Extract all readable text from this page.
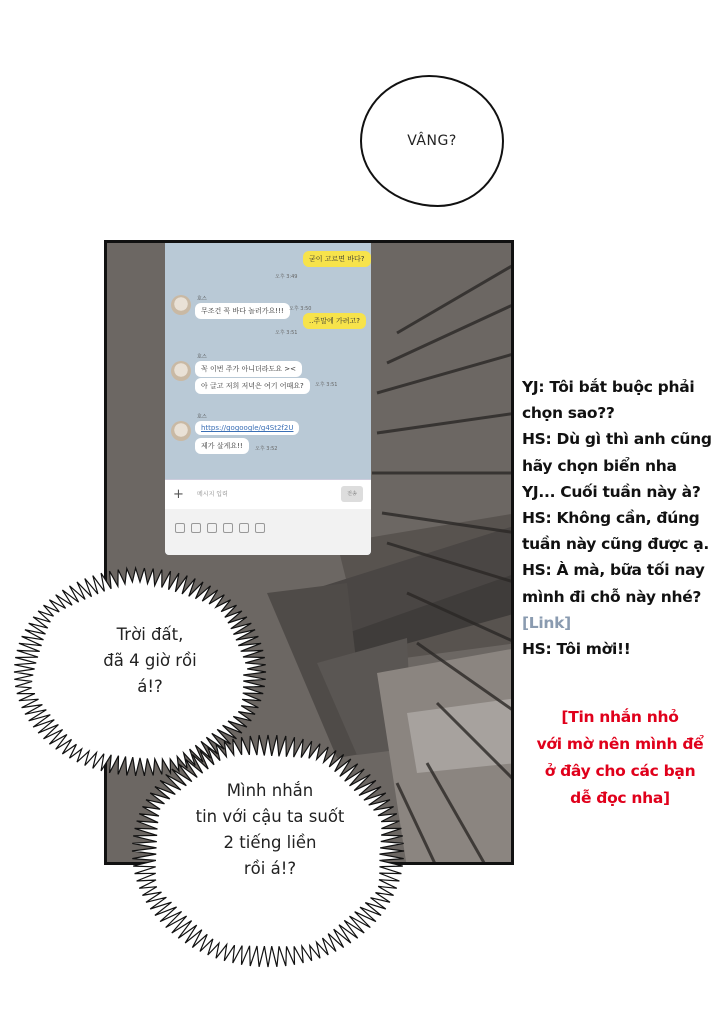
VÂNG?
굳이 고르면 바다?
오후 3:49
호스
무조건 꼭 바다 놀러가요!!!	오후 3:50
..주말에 가려고?
오후 3:51
호스
꼭 이번 주가 아니더라도요 ><
아 글고 저희 저녁은 여기 어때요?	오후 3:51
호스
https://gogoogle/g4St2f2U
제가 살게요!!	오후 3:52
+ 메시지 입력	전송
YJ: Tôi bắt buộc phải
chọn sao??
HS: Dù gì thì anh cũng
hãy chọn biển nha
YJ... Cuối tuần này à?
HS: Không cần, đúng
tuần này cũng được ạ.
HS: À mà, bữa tối nay
mình đi chỗ này nhé?
[Link]
HS: Tôi mời!!
[Tin nhắn nhỏ
với mờ nên mình để
ở đây cho các bạn
dễ đọc nha]
Trời đất,
đã 4 giờ rồi
á!?
Mình nhắn
tin với cậu ta suốt
2 tiếng liền
rồi á!?
